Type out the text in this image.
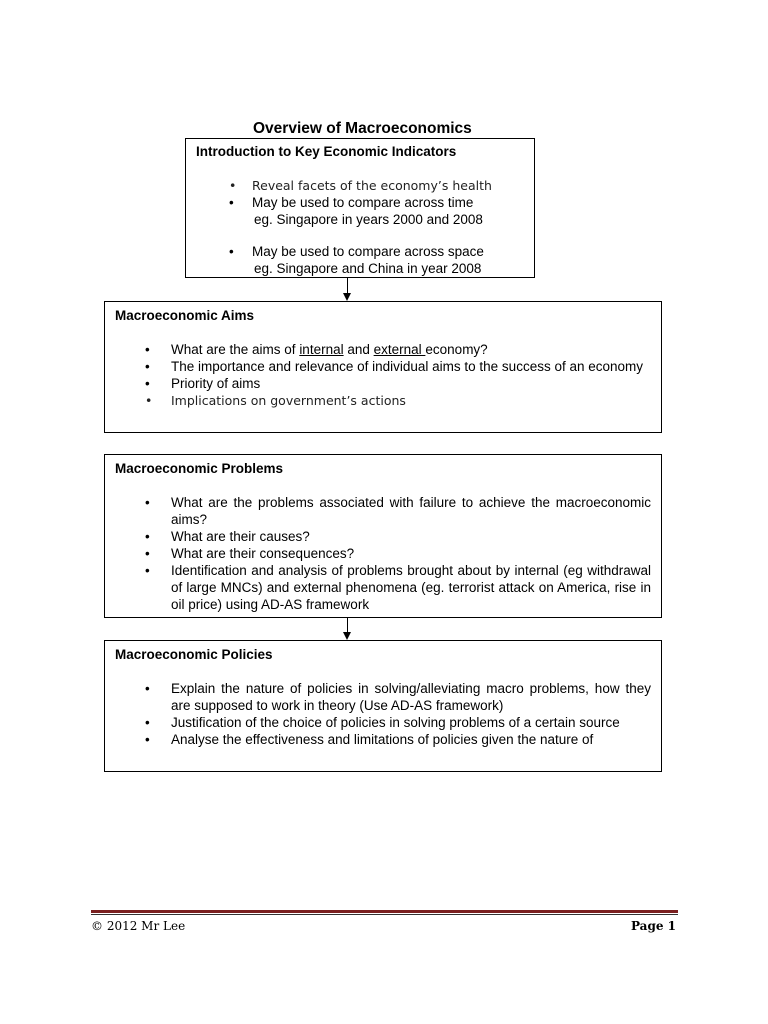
Overview of Macroeconomics
Introduction to Key Economic Indicators
• Reveal facets of the economy’s health
• May be used to compare across time
eg. Singapore in years 2000 and 2008
• May be used to compare across space
eg. Singapore and China in year 2008
Macroeconomic Aims
• What are the aims of internal and external economy?
• The importance and relevance of individual aims to the success of an economy
• Priority of aims
• Implications on government’s actions
Macroeconomic Problems
• What are the problems associated with failure to achieve the macroeconomic aims?
• What are their causes?
• What are their consequences?
• Identification and analysis of problems brought about by internal (eg withdrawal of large MNCs) and external phenomena (eg. terrorist attack on America, rise in oil price) using AD-AS framework
Macroeconomic Policies
• Explain the nature of policies in solving/alleviating macro problems, how they are supposed to work in theory (Use AD-AS framework)
• Justification of the choice of policies in solving problems of a certain source
• Analyse the effectiveness and limitations of policies given the nature of
© 2012 Mr Lee	Page 1
